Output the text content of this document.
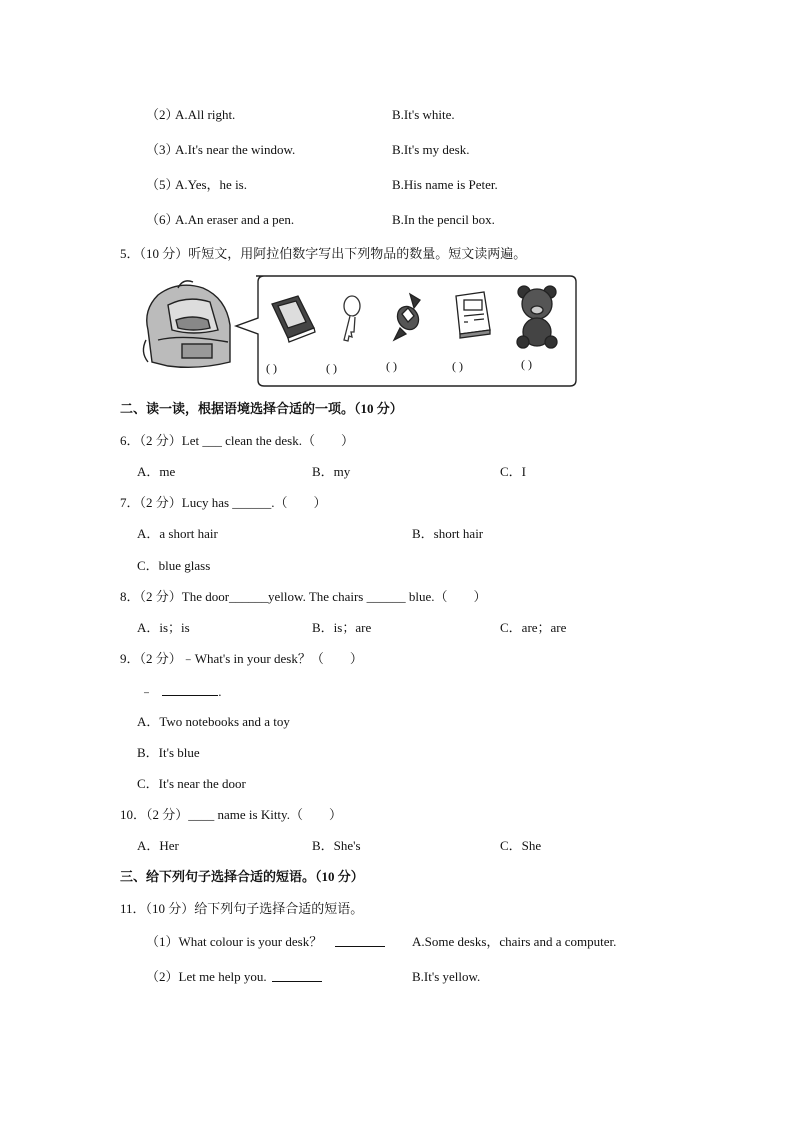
（2）
A.All right.	B.It's white.
（3）
A.It's near the window.	B.It's my desk.
（5）
A.Yes，he is.	B.His name is Peter.
（6）
A.An eraser and a pen.	B.In the pencil box.
5．（10 分）听短文，用阿拉伯数字写出下列物品的数量。短文读两遍。
( )	( )	( )	( )	( )
二、读一读，根据语境选择合适的一项。（10 分）
6．（2 分）Let ___ clean the desk.（　　）
A．me	B．my	C．I
7．（2 分）Lucy has ______.（　　）
A．a short hair	B．short hair
C．blue glass
8．（2 分）The door______yellow. The chairs ______ blue.（　　）
A．is；is	B．is；are	C．are；are
9．（2 分）﹣What's in your desk？（　　）
﹣	.
A．Two notebooks and a toy
B．It's blue
C．It's near the door
10．（2 分）____ name is Kitty.（　　）
A．Her	B．She's	C．She
三、给下列句子选择合适的短语。（10 分）
11．（10 分）给下列句子选择合适的短语。
（1）What colour is your desk？	A.Some desks，chairs and a computer.
（2）Let me help you.	B.It's yellow.
